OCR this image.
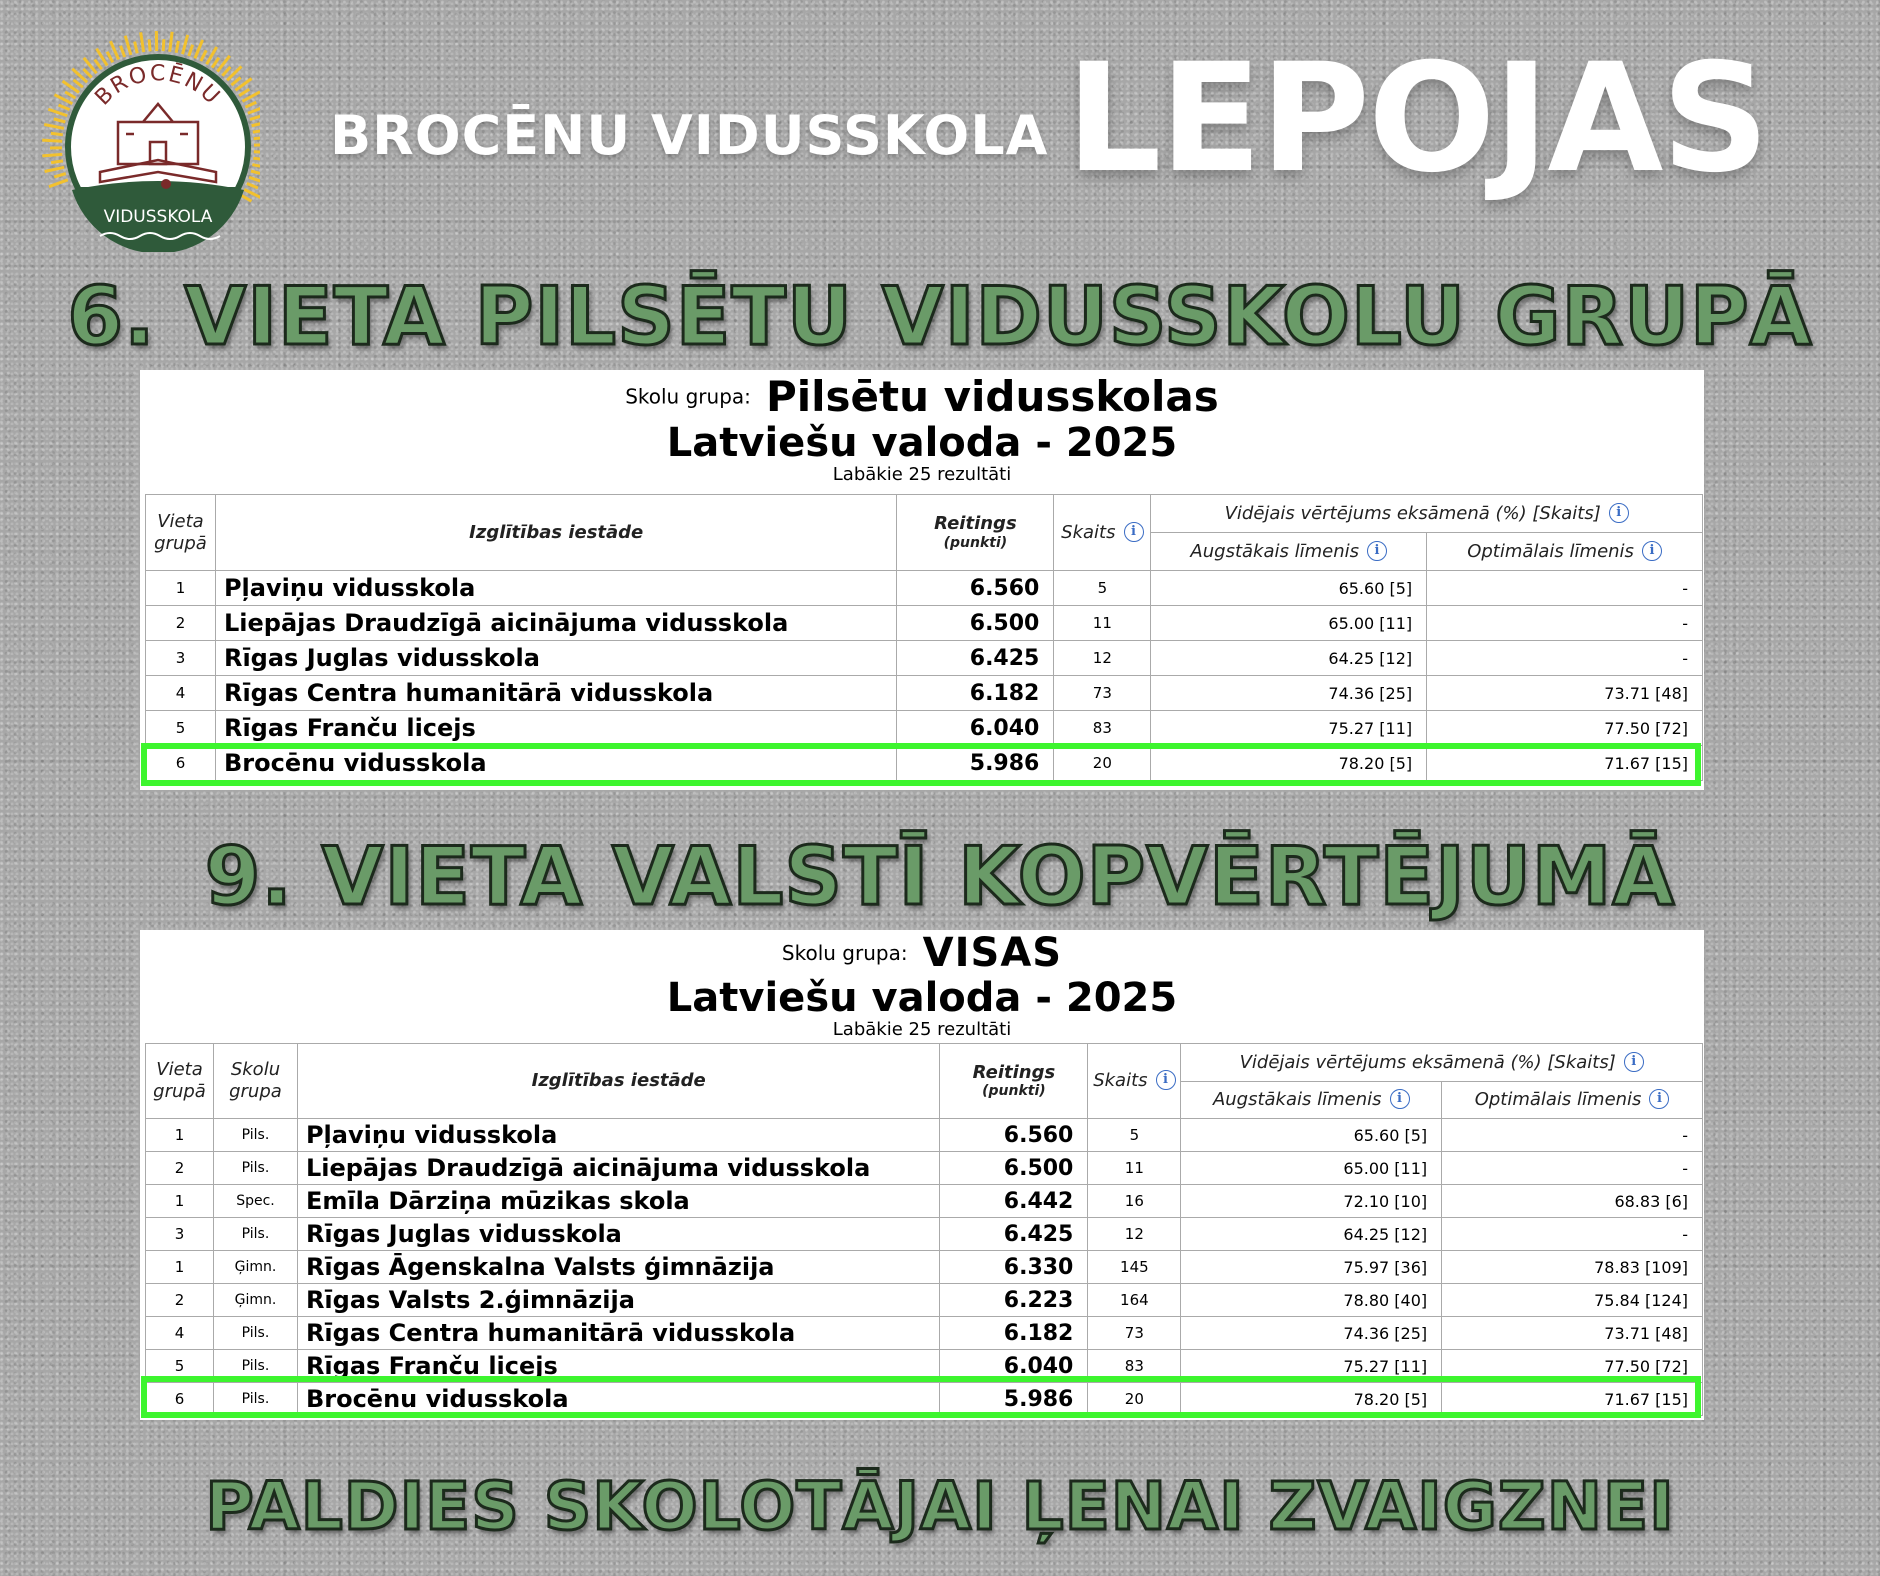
BROCĒNU
VIDUSSKOLA
BROCĒNU VIDUSSKOLA LEPOJAS
6. VIETA PILSĒTU VIDUSSKOLU GRUPĀ
Skolu grupa: Pilsētu vidusskolas
Latviešu valoda - 2025
Labākie 25 rezultāti
Vieta grupā	Izglītības iestāde	Reitings
(punkti)	Skaits i	Vidējais vērtējums eksāmenā (%) [Skaits] i	
				Augstākais līmenis i	Optimālais līmenis i
1	Pļaviņu vidusskola	6.560	5	65.60 [5]	-
2	Liepājas Draudzīgā aicinājuma vidusskola	6.500	11	65.00 [11]	-
3	Rīgas Juglas vidusskola	6.425	12	64.25 [12]	-
4	Rīgas Centra humanitārā vidusskola	6.182	73	74.36 [25]	73.71 [48]
5	Rīgas Franču licejs	6.040	83	75.27 [11]	77.50 [72]
6	Brocēnu vidusskola	5.986	20	78.20 [5]	71.67 [15]
9. VIETA VALSTĪ KOPVĒRTĒJUMĀ
Skolu grupa: VISAS
Latviešu valoda - 2025
Labākie 25 rezultāti
Vieta grupā	Skolu grupa	Izglītības iestāde	Reitings
(punkti)	Skaits i	Vidējais vērtējums eksāmenā (%) [Skaits] i	
					Augstākais līmenis i	Optimālais līmenis i
1	Pils.	Pļaviņu vidusskola	6.560	5	65.60 [5]	-
2	Pils.	Liepājas Draudzīgā aicinājuma vidusskola	6.500	11	65.00 [11]	-
1	Spec.	Emīla Dārziņa mūzikas skola	6.442	16	72.10 [10]	68.83 [6]
3	Pils.	Rīgas Juglas vidusskola	6.425	12	64.25 [12]	-
1	Ģimn.	Rīgas Āgenskalna Valsts ģimnāzija	6.330	145	75.97 [36]	78.83 [109]
2	Ģimn.	Rīgas Valsts 2.ģimnāzija	6.223	164	78.80 [40]	75.84 [124]
4	Pils.	Rīgas Centra humanitārā vidusskola	6.182	73	74.36 [25]	73.71 [48]
5	Pils.	Rīgas Franču licejs	6.040	83	75.27 [11]	77.50 [72]
6	Pils.	Brocēnu vidusskola	5.986	20	78.20 [5]	71.67 [15]
PALDIES SKOLOTĀJAI ĻENAI ZVAIGZNEI
